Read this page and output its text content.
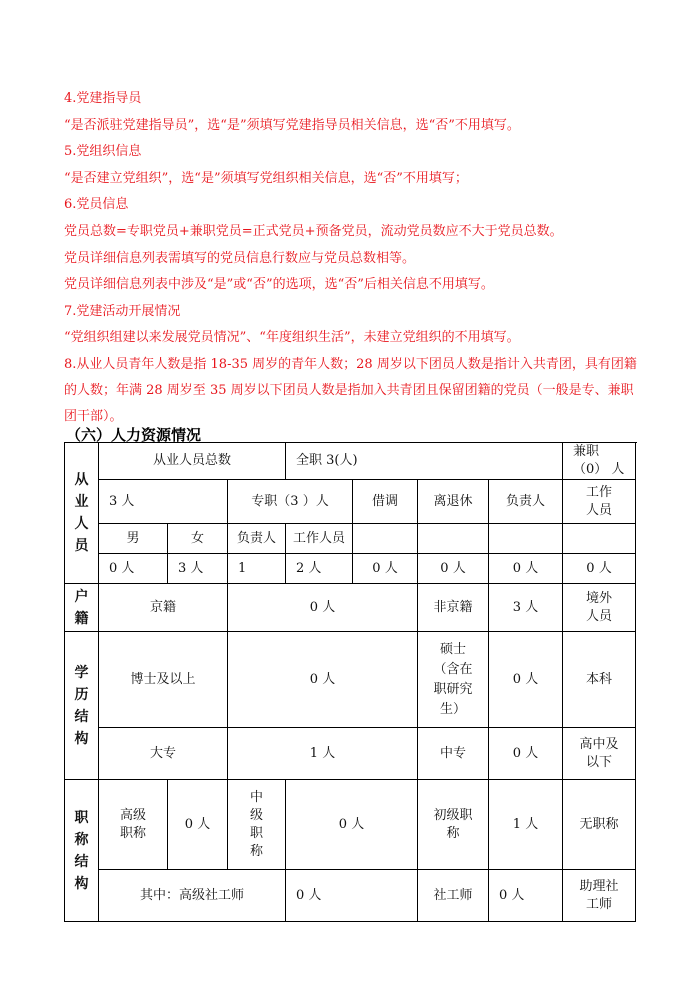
4.党建指导员

“是否派驻党建指导员”，选“是”须填写党建指导员相关信息，选“否”不用填写。

5.党组织信息

“是否建立党组织”，选“是”须填写党组织相关信息，选“否”不用填写；

6.党员信息

党员总数=专职党员+兼职党员=正式党员+预备党员，流动党员数应不大于党员总数。

党员详细信息列表需填写的党员信息行数应与党员总数相等。

党员详细信息列表中涉及“是”或“否”的选项，选“否”后相关信息不用填写。

7.党建活动开展情况

“党组织组建以来发展党员情况”、“年度组织生活”，未建立党组织的不用填写。

8.从业人员青年人数是指 18-35 周岁的青年人数；28 周岁以下团员人数是指计入共青团，具有团籍的人数；年满 28 周岁至 35 周岁以下团员人数是指加入共青团且保留团籍的党员（一般是专、兼职团干部）。

（六）人力资源情况
从业人员	从业人员总数			全职 3(人)				兼职（0） 人	
	3 人		专职（3 ）人		借调	离退休	负责人	工作人员	
	男	女	负责人	工作人员					
	0 人	3 人	1	2 人	0 人	0 人	0 人	0 人	
户籍	京籍		0 人			非京籍	3 人	境外人员	
学历结构	博士及以上		0 人			硕士（含在职研究生）	0 人	本科	
	大专		1 人			中专	0 人	高中及以下	
职称结构	高级职称	0 人	中级职称	0 人		初级职称	1 人	无职称	
	其中：高级社工师			0 人		社工师	0 人	助理社工师	
